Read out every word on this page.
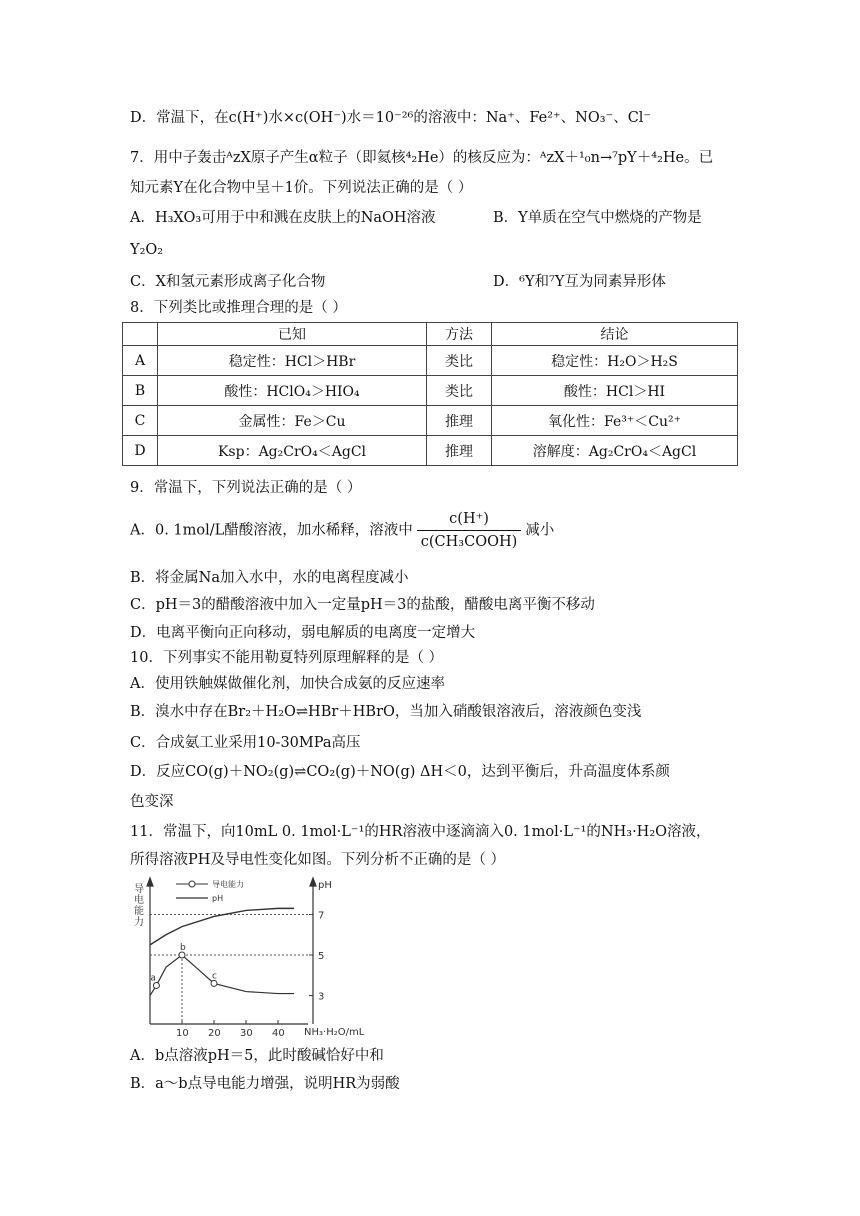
D．常温下，在c(H⁺)水×c(OH⁻)水＝10⁻²⁶的溶液中：Na⁺、Fe²⁺、NO₃⁻、Cl⁻
7．用中子轰击ᴬzX原子产生α粒子（即氦核⁴₂He）的核反应为：ᴬzX＋¹₀n→⁷pY＋⁴₂He。已
知元素Y在化合物中呈＋1价。下列说法正确的是（ ）
A．H₃XO₃可用于中和溅在皮肤上的NaOH溶液	B．Y单质在空气中燃烧的产物是
Y₂O₂
C．X和氢元素形成离子化合物	D．⁶Y和⁷Y互为同素异形体
8．下列类比或推理合理的是（ ）
	已知	方法	结论
A	稳定性：HCl＞HBr	类比	稳定性：H₂O＞H₂S
B	酸性：HClO₄＞HIO₄	类比	酸性：HCl＞HI
C	金属性：Fe＞Cu	推理	氧化性：Fe³⁺＜Cu²⁺
D	Ksp：Ag₂CrO₄＜AgCl	推理	溶解度：Ag₂CrO₄＜AgCl
9．常温下，下列说法正确的是（ ）
A．0. 1mol/L醋酸溶液，加水稀释，溶液中 $\frac{c(H^+)}{\text{c(CH₃COOH)}}$ 减小
B．将金属Na加入水中，水的电离程度减小
C．pH＝3的醋酸溶液中加入一定量pH＝3的盐酸，醋酸电离平衡不移动
D．电离平衡向正向移动，弱电解质的电离度一定增大
10．下列事实不能用勒夏特列原理解释的是（ ）
A．使用铁触媒做催化剂，加快合成氨的反应速率
B．溴水中存在Br₂＋H₂O⇌HBr＋HBrO，当加入硝酸银溶液后，溶液颜色变浅
C．合成氨工业采用10-30MPa高压
D．反应CO(g)＋NO₂(g)⇌CO₂(g)＋NO(g) ΔH＜0，达到平衡后，升高温度体系颜
色变深
11．常温下，向10mL 0. 1mol·L⁻¹的HR溶液中逐滴滴入0. 1mol·L⁻¹的NH₃·H₂O溶液，
所得溶液PH及导电性变化如图。下列分析不正确的是（ ）
10 20 30 40
7
5
3
a
b
c
导电能力
pH
NH₃·H₂O/mL
导电能力
pH
A．b点溶液pH＝5，此时酸碱恰好中和
B．a～b点导电能力增强，说明HR为弱酸
